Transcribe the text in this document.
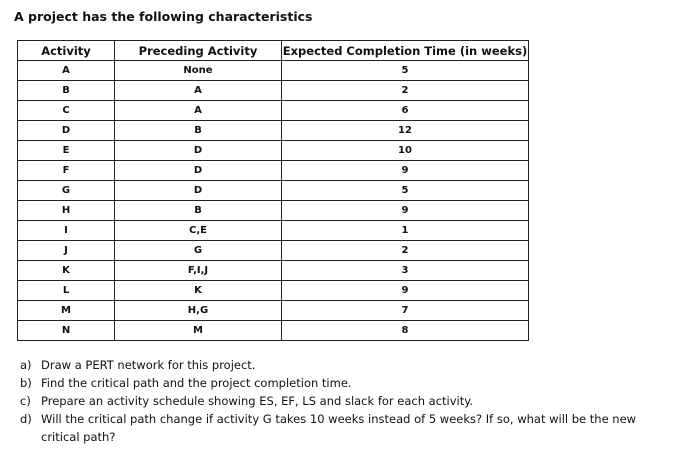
A project has the following characteristics
Activity	Preceding Activity	Expected Completion Time (in weeks)
A	None	5
B	A	2
C	A	6
D	B	12
E	D	10
F	D	9
G	D	5
H	B	9
I	C,E	1
J	G	2
K	F,I,J	3
L	K	9
M	H,G	7
N	M	8
a) Draw a PERT network for this project.
b) Find the critical path and the project completion time.
c) Prepare an activity schedule showing ES, EF, LS and slack for each activity.
d) Will the critical path change if activity G takes 10 weeks instead of 5 weeks? If so, what will be the new critical path?
